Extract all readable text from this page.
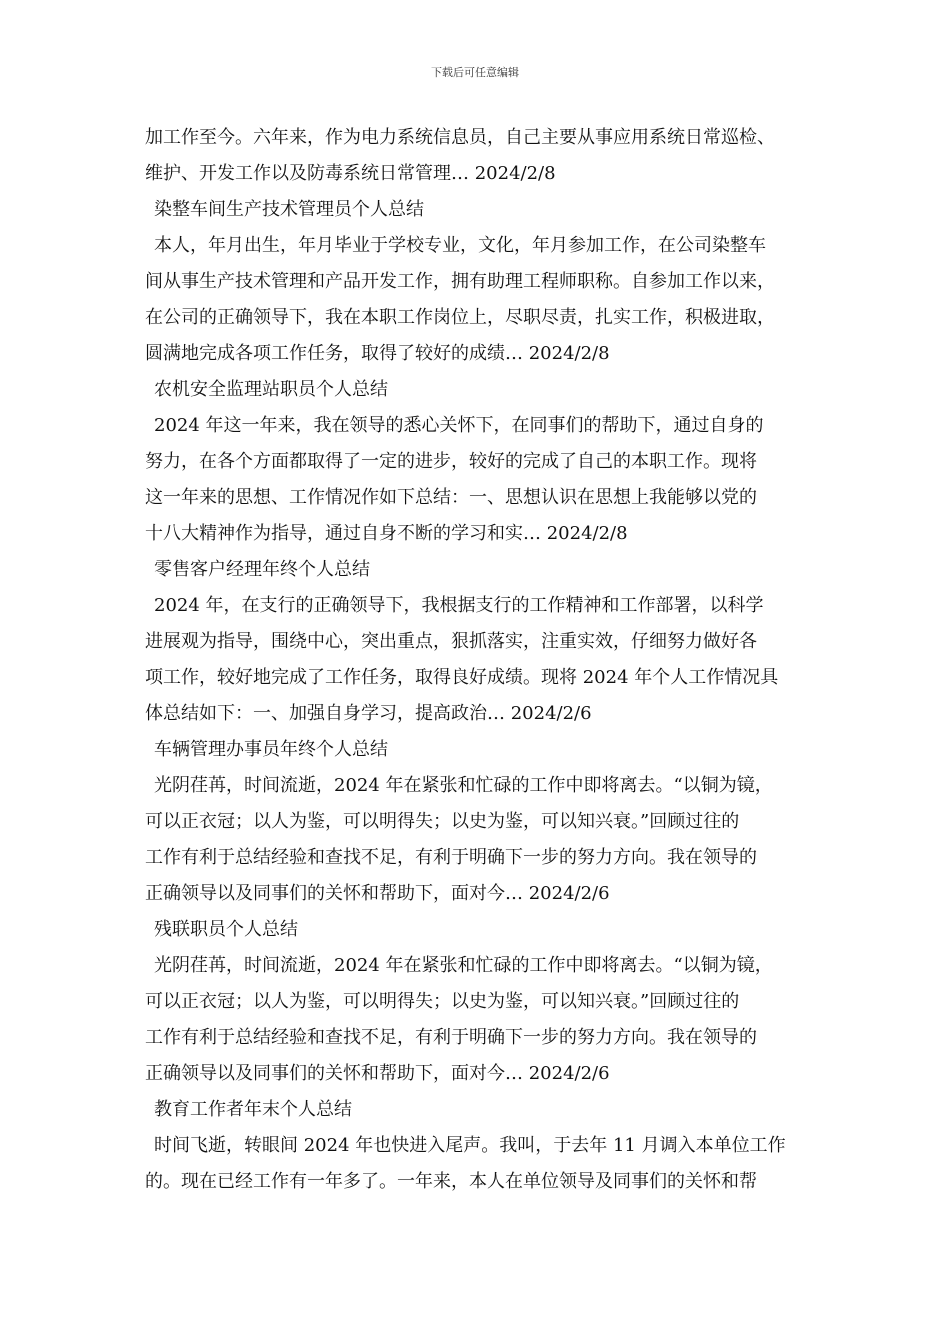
下载后可任意编辑
加工作至今。六年来，作为电力系统信息员，自己主要从事应用系统日常巡检、
维护、开发工作以及防毒系统日常管理… 2024/2/8
染整车间生产技术管理员个人总结
本人，年月出生，年月毕业于学校专业，文化，年月参加工作，在公司染整车
间从事生产技术管理和产品开发工作，拥有助理工程师职称。自参加工作以来，
在公司的正确领导下，我在本职工作岗位上，尽职尽责，扎实工作，积极进取，
圆满地完成各项工作任务，取得了较好的成绩… 2024/2/8
农机安全监理站职员个人总结
2024 年这一年来，我在领导的悉心关怀下，在同事们的帮助下，通过自身的
努力，在各个方面都取得了一定的进步，较好的完成了自己的本职工作。现将
这一年来的思想、工作情况作如下总结：一、思想认识在思想上我能够以党的
十八大精神作为指导，通过自身不断的学习和实… 2024/2/8
零售客户经理年终个人总结
2024 年，在支行的正确领导下，我根据支行的工作精神和工作部署，以科学
进展观为指导，围绕中心，突出重点，狠抓落实，注重实效，仔细努力做好各
项工作，较好地完成了工作任务，取得良好成绩。现将 2024 年个人工作情况具
体总结如下：一、加强自身学习，提高政治… 2024/2/6
车辆管理办事员年终个人总结
光阴荏苒，时间流逝，2024 年在紧张和忙碌的工作中即将离去。“以铜为镜，
可以正衣冠；以人为鉴，可以明得失；以史为鉴，可以知兴衰。”回顾过往的
工作有利于总结经验和查找不足，有利于明确下一步的努力方向。我在领导的
正确领导以及同事们的关怀和帮助下，面对今… 2024/2/6
残联职员个人总结
光阴荏苒，时间流逝，2024 年在紧张和忙碌的工作中即将离去。“以铜为镜，
可以正衣冠；以人为鉴，可以明得失；以史为鉴，可以知兴衰。”回顾过往的
工作有利于总结经验和查找不足，有利于明确下一步的努力方向。我在领导的
正确领导以及同事们的关怀和帮助下，面对今… 2024/2/6
教育工作者年末个人总结
时间飞逝，转眼间 2024 年也快进入尾声。我叫，于去年 11 月调入本单位工作
的。现在已经工作有一年多了。一年来，本人在单位领导及同事们的关怀和帮
